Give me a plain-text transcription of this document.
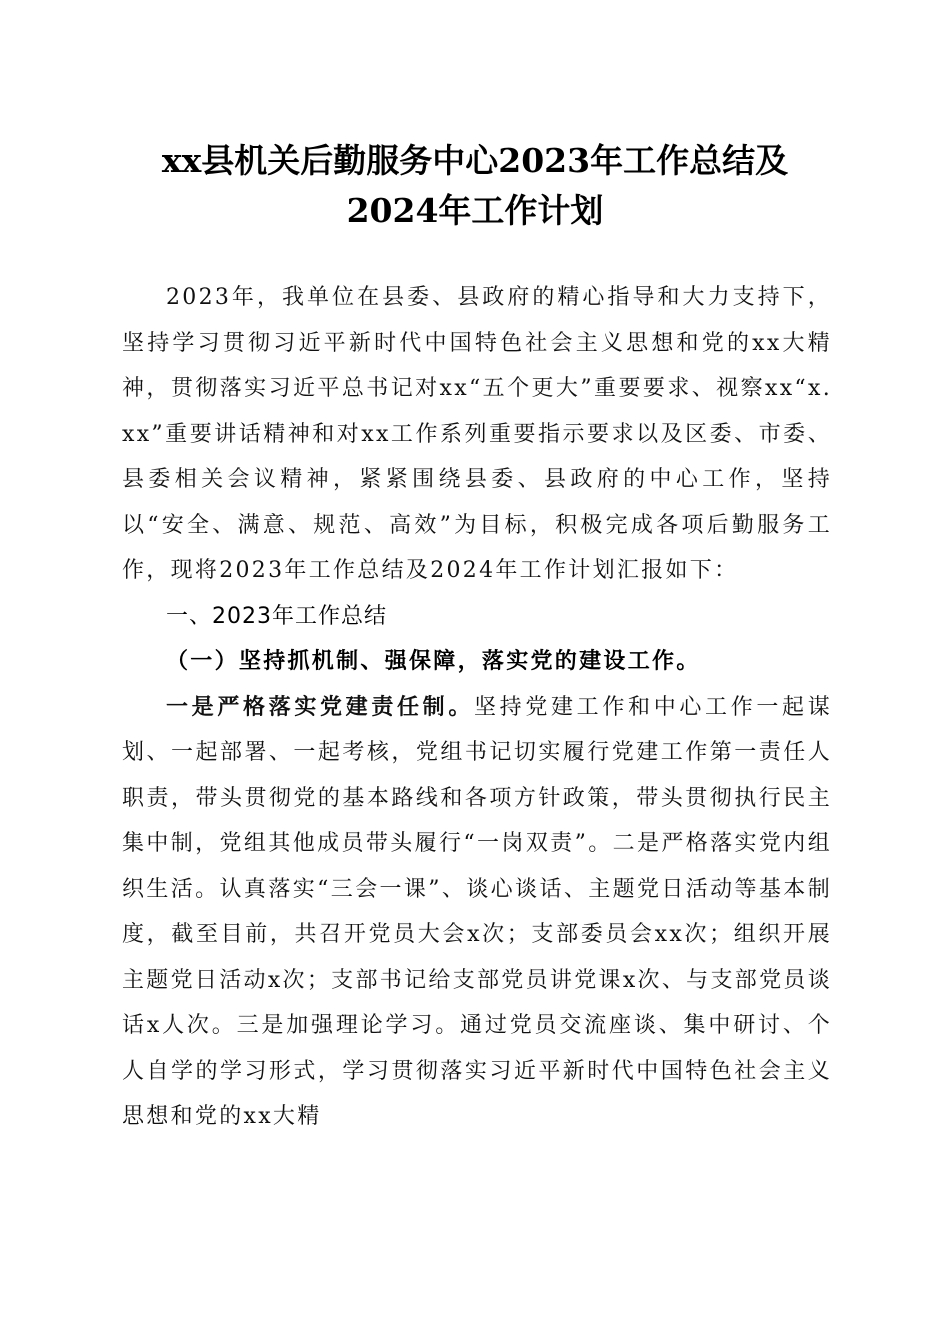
xx县机关后勤服务中心2023年工作总结及
2024年工作计划

2023年，我单位在县委、县政府的精心指导和大力支持下，坚持学习贯彻习近平新时代中国特色社会主义思想和党的xx大精神，贯彻落实习近平总书记对xx“五个更大”重要要求、视察xx“x.xx”重要讲话精神和对xx工作系列重要指示要求以及区委、市委、县委相关会议精神，紧紧围绕县委、县政府的中心工作，坚持以“安全、满意、规范、高效”为目标，积极完成各项后勤服务工作，现将2023年工作总结及2024年工作计划汇报如下：

一、2023年工作总结

（一）坚持抓机制、强保障，落实党的建设工作。

一是严格落实党建责任制。坚持党建工作和中心工作一起谋划、一起部署、一起考核，党组书记切实履行党建工作第一责任人职责，带头贯彻党的基本路线和各项方针政策，带头贯彻执行民主集中制，党组其他成员带头履行“一岗双责”。二是严格落实党内组织生活。认真落实“三会一课”、谈心谈话、主题党日活动等基本制度，截至目前，共召开党员大会x次；支部委员会xx次；组织开展主题党日活动x次；支部书记给支部党员讲党课x次、与支部党员谈话x人次。三是加强理论学习。通过党员交流座谈、集中研讨、个人自学的学习形式，学习贯彻落实习近平新时代中国特色社会主义思想和党的xx大精
